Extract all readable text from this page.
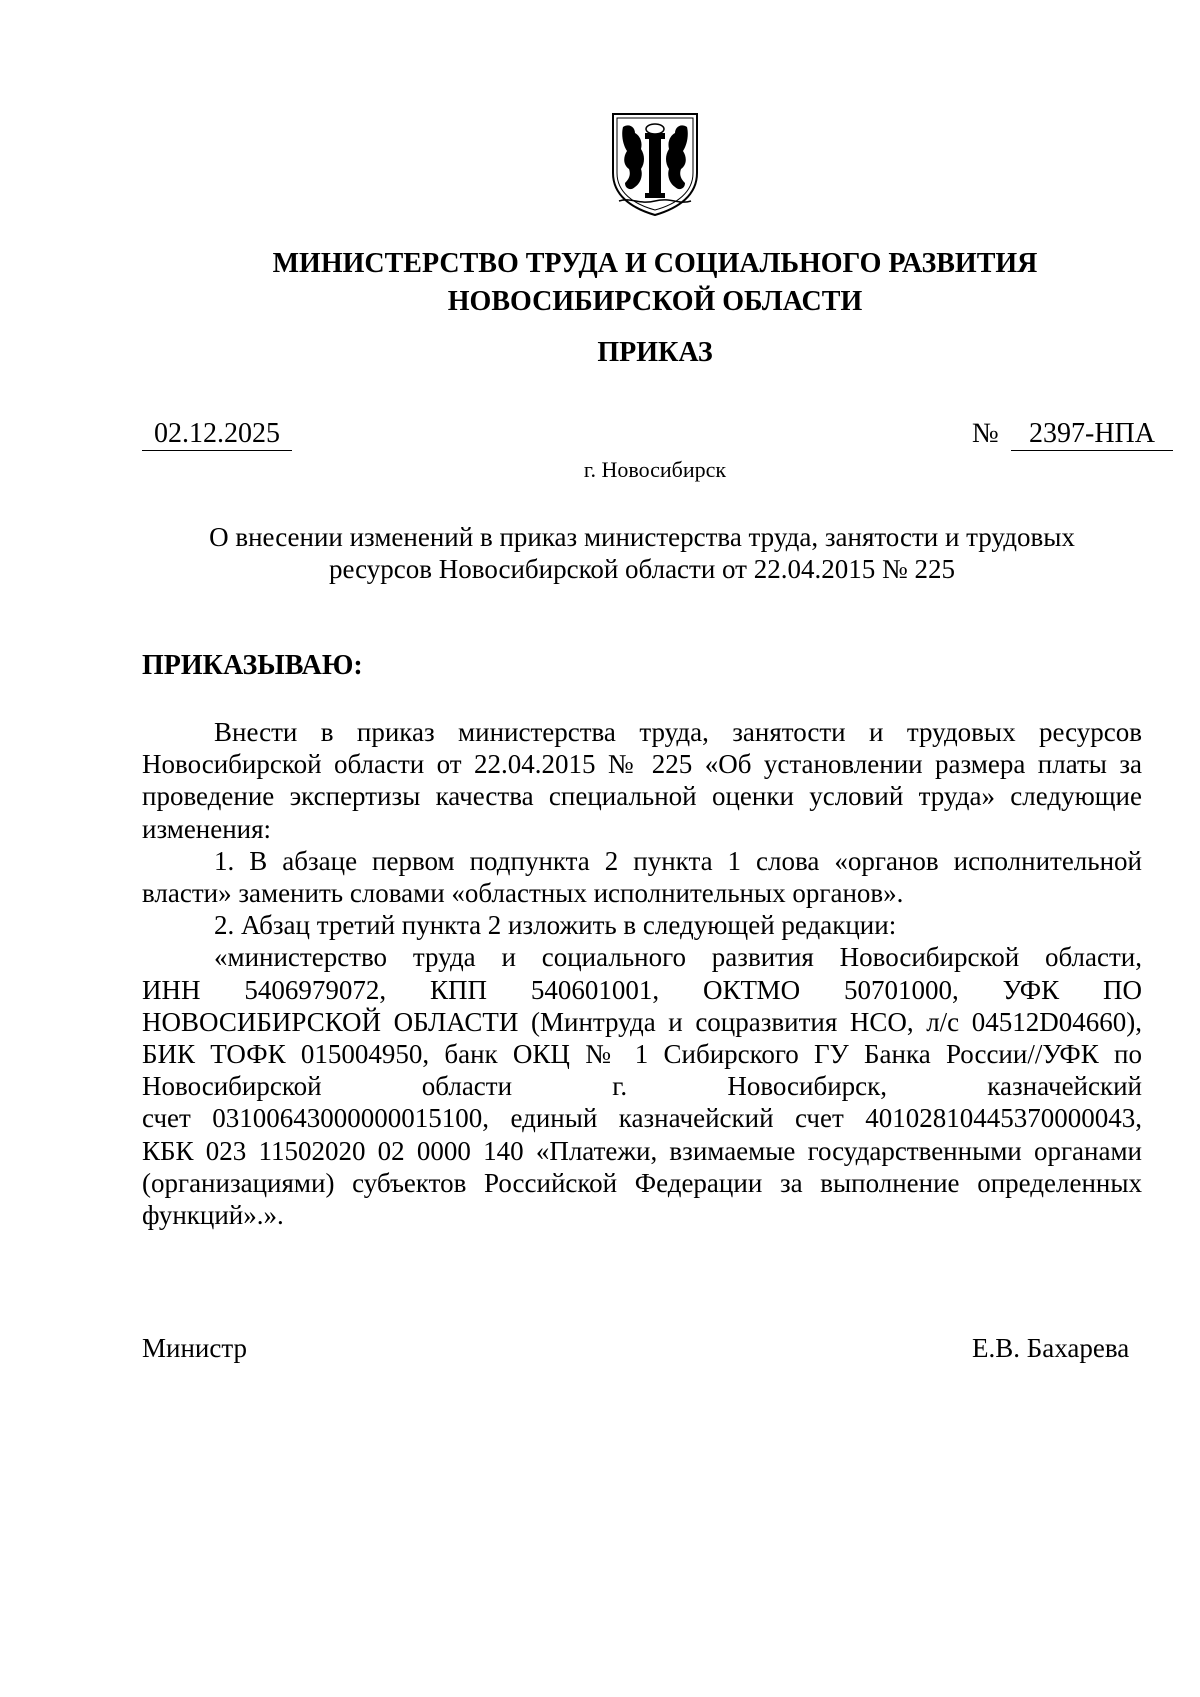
МИНИСТЕРСТВО ТРУДА И СОЦИАЛЬНОГО РАЗВИТИЯ
НОВОСИБИРСКОЙ ОБЛАСТИ
ПРИКАЗ
02.12.2025	№	2397-НПА
г. Новосибирск
О внесении изменений в приказ министерства труда, занятости и трудовых
ресурсов Новосибирской области от 22.04.2015 № 225
ПРИКАЗЫВАЮ:

Внести в приказ министерства труда, занятости и трудовых ресурсов Новосибирской области от 22.04.2015 № 225 «Об установлении размера платы за проведение экспертизы качества специальной оценки условий труда» следующие изменения:

1. В абзаце первом подпункта 2 пункта 1 слова «органов исполнительной власти» заменить словами «областных исполнительных органов».

2. Абзац третий пункта 2 изложить в следующей редакции:

«министерство труда и социального развития Новосибирской области,
ИНН 5406979072, КПП 540601001, ОКТМО 50701000, УФК ПО
НОВОСИБИРСКОЙ ОБЛАСТИ (Минтруда и соцразвития НСО, л/с 04512D04660),
БИК ТОФК 015004950, банк ОКЦ № 1 Сибирского ГУ Банка России//УФК по
Новосибирской области г. Новосибирск, казначейский
счет 03100643000000015100, единый казначейский счет 40102810445370000043,
КБК 023 11502020 02 0000 140 «Платежи, взимаемые государственными органами
(организациями) субъектов Российской Федерации за выполнение определенных
функций».».
Министр	Е.В. Бахарева
